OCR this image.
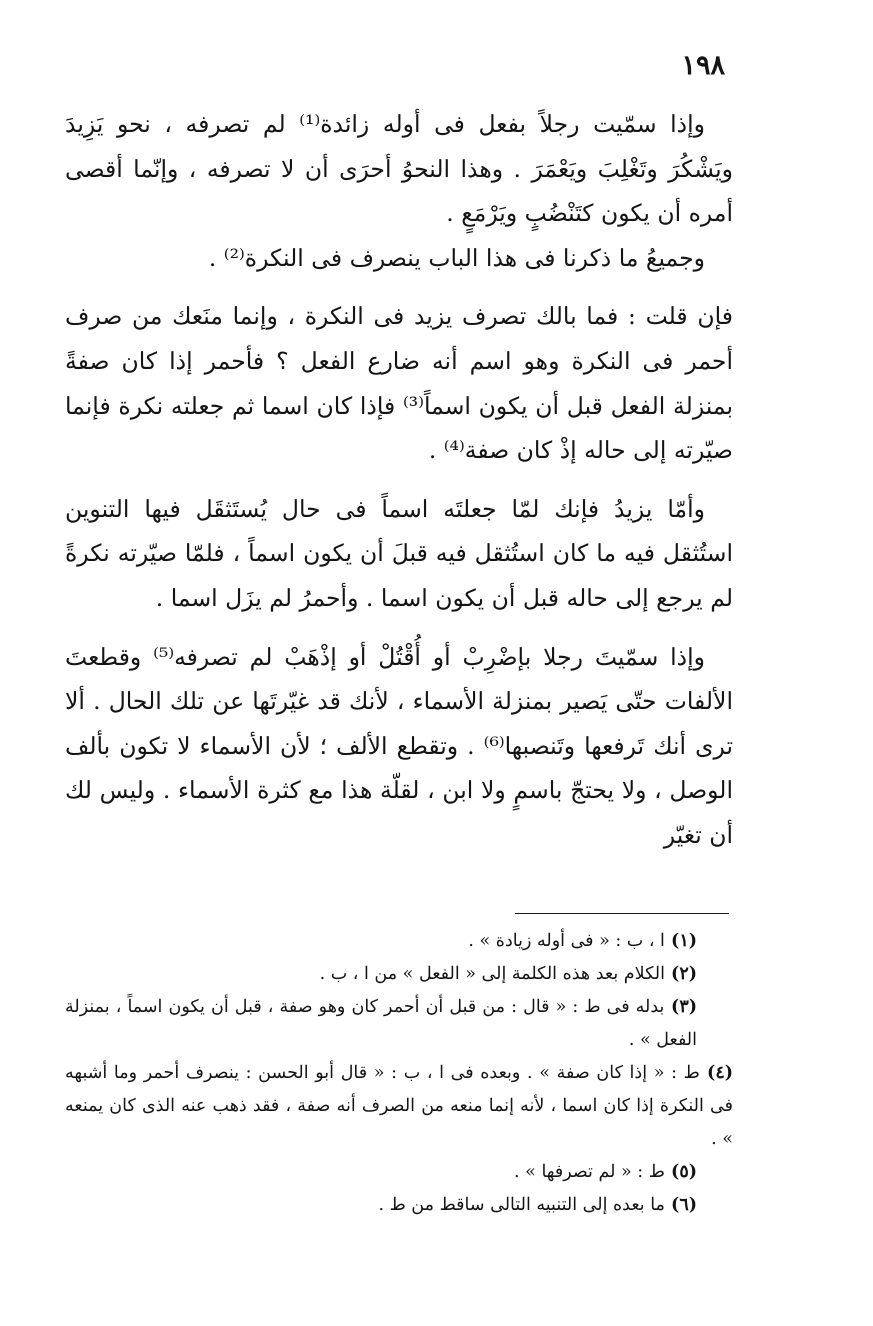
١٩٨

وإذا سمّيت رجلاً بفعل فى أوله زائدة⁽¹⁾ لم تصرفه ، نحو يَزِيدَ ويَشْكُرَ وتَغْلِبَ ويَعْمَرَ . وهذا النحوُ أحرَى أن لا تصرفه ، وإنّما أقصى أمره أن يكون كتَنْضُبٍ ويَرْمَعٍ .

وجميعُ ما ذكرنا فى هذا الباب ينصرف فى النكرة⁽²⁾ .

فإن قلت : فما بالك تصرف يزيد فى النكرة ، وإنما منَعك من صرف أحمر فى النكرة وهو اسم أنه ضارع الفعل ؟ فأحمر إذا كان صفةً بمنزلة الفعل قبل أن يكون اسماً⁽³⁾ فإذا كان اسما ثم جعلته نكرة فإنما صيّرته إلى حاله إذْ كان صفة⁽⁴⁾ .

وأمّا يزيدُ فإنك لمّا جعلتَه اسماً فى حال يُستَثقَل فيها التنوين استُثقل فيه ما كان استُثقل فيه قبلَ أن يكون اسماً ، فلمّا صيّرته نكرةً لم يرجع إلى حاله قبل أن يكون اسما . وأحمرُ لم يزَل اسما .

وإذا سمّيتَ رجلا بإضْرِبْ أو أُقْتُلْ أو إذْهَبْ لم تصرفه⁽⁵⁾ وقطعتَ الألفات حتّى يَصير بمنزلة الأسماء ، لأنك قد غيّرتَها عن تلك الحال . ألا ترى أنك تَرفعها وتَنصبها⁽⁶⁾ . وتقطع الألف ؛ لأن الأسماء لا تكون بألف الوصل ، ولا يحتجّ باسمٍ ولا ابن ، لقلّة هذا مع كثرة الأسماء . وليس لك أن تغيّر

(١)ا ، ب : « فى أوله زيادة » .

(٢)الكلام بعد هذه الكلمة إلى « الفعل » من ا ، ب .

(٣)بدله فى ط : « قال : من قبل أن أحمر كان وهو صفة ، قبل أن يكون اسماً ، بمنزلة الفعل » .

(٤)ط : « إذا كان صفة » . وبعده فى ا ، ب : « قال أبو الحسن : ينصرف أحمر وما أشبهه فى النكرة إذا كان اسما ، لأنه إنما منعه من الصرف أنه صفة ، فقد ذهب عنه الذى كان يمنعه » .

(٥)ط : « لم تصرفها » .

(٦)ما بعده إلى التنبيه التالى ساقط من ط .
